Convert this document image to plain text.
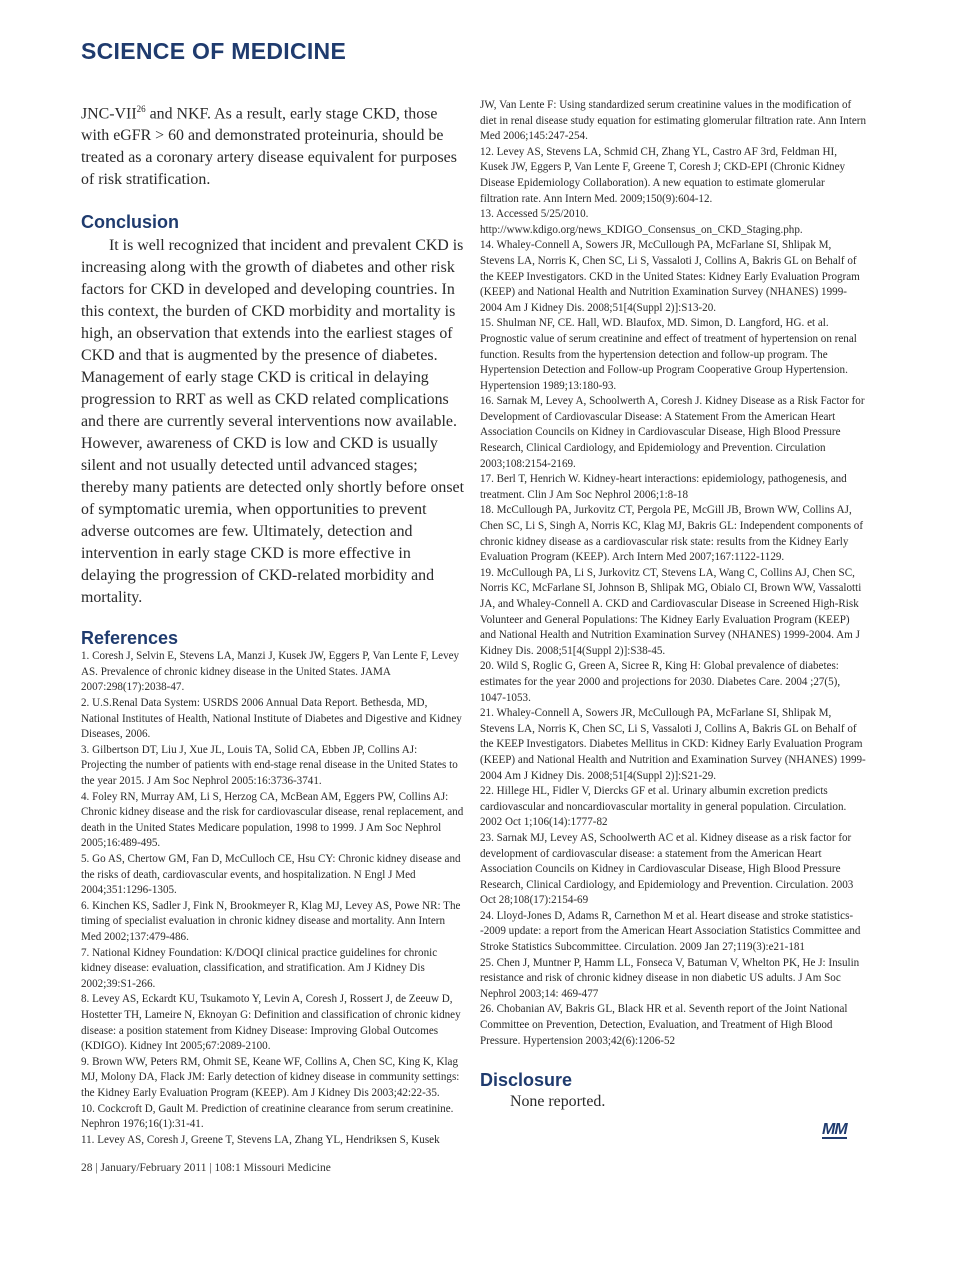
SCIENCE OF MEDICINE

JNC-VII$^{26}$ and NKF. As a result, early stage CKD, those with eGFR > 60 and demonstrated proteinuria, should be treated as a coronary artery disease equivalent for purposes of risk stratification.

Conclusion

It is well recognized that incident and prevalent CKD is increasing along with the growth of diabetes and other risk factors for CKD in developed and developing countries. In this context, the burden of CKD morbidity and mortality is high, an observation that extends into the earliest stages of CKD and that is augmented by the presence of diabetes. Management of early stage CKD is critical in delaying progression to RRT as well as CKD related complications and there are currently several interventions now available. However, awareness of CKD is low and CKD is usually silent and not usually detected until advanced stages; thereby many patients are detected only shortly before onset of symptomatic uremia, when opportunities to prevent adverse outcomes are few. Ultimately, detection and intervention in early stage CKD is more effective in delaying the progression of CKD-related morbidity and mortality.

References
1. Coresh J, Selvin E, Stevens LA, Manzi J, Kusek JW, Eggers P, Van Lente F, Levey AS. Prevalence of chronic kidney disease in the United States. JAMA 2007:298(17):2038-47.
2. U.S.Renal Data System: USRDS 2006 Annual Data Report. Bethesda, MD, National Institutes of Health, National Institute of Diabetes and Digestive and Kidney Diseases, 2006.
3. Gilbertson DT, Liu J, Xue JL, Louis TA, Solid CA, Ebben JP, Collins AJ: Projecting the number of patients with end-stage renal disease in the United States to the year 2015. J Am Soc Nephrol 2005:16:3736-3741.
4. Foley RN, Murray AM, Li S, Herzog CA, McBean AM, Eggers PW, Collins AJ: Chronic kidney disease and the risk for cardiovascular disease, renal replacement, and death in the United States Medicare population, 1998 to 1999. J Am Soc Nephrol 2005;16:489-495.
5. Go AS, Chertow GM, Fan D, McCulloch CE, Hsu CY: Chronic kidney disease and the risks of death, cardiovascular events, and hospitalization. N Engl J Med 2004;351:1296-1305.
6. Kinchen KS, Sadler J, Fink N, Brookmeyer R, Klag MJ, Levey AS, Powe NR: The timing of specialist evaluation in chronic kidney disease and mortality. Ann Intern Med 2002;137:479-486.
7. National Kidney Foundation: K/DOQI clinical practice guidelines for chronic kidney disease: evaluation, classification, and stratification. Am J Kidney Dis 2002;39:S1-266.
8. Levey AS, Eckardt KU, Tsukamoto Y, Levin A, Coresh J, Rossert J, de Zeeuw D, Hostetter TH, Lameire N, Eknoyan G: Definition and classification of chronic kidney disease: a position statement from Kidney Disease: Improving Global Outcomes (KDIGO). Kidney Int 2005;67:2089-2100.
9. Brown WW, Peters RM, Ohmit SE, Keane WF, Collins A, Chen SC, King K, Klag MJ, Molony DA, Flack JM: Early detection of kidney disease in community settings: the Kidney Early Evaluation Program (KEEP). Am J Kidney Dis 2003;42:22-35.
10. Cockcroft D, Gault M. Prediction of creatinine clearance from serum creatinine. Nephron 1976;16(1):31-41.
11. Levey AS, Coresh J, Greene T, Stevens LA, Zhang YL, Hendriksen S, Kusek
JW, Van Lente F: Using standardized serum creatinine values in the modification of diet in renal disease study equation for estimating glomerular filtration rate. Ann Intern Med 2006;145:247-254.
12. Levey AS, Stevens LA, Schmid CH, Zhang YL, Castro AF 3rd, Feldman HI, Kusek JW, Eggers P, Van Lente F, Greene T, Coresh J; CKD-EPI (Chronic Kidney Disease Epidemiology Collaboration). A new equation to estimate glomerular filtration rate. Ann Intern Med. 2009;150(9):604-12.
13. Accessed 5/25/2010. http://www.kdigo.org/news_KDIGO_Consensus_on_CKD_Staging.php.
14. Whaley-Connell A, Sowers JR, McCullough PA, McFarlane SI, Shlipak M, Stevens LA, Norris K, Chen SC, Li S, Vassaloti J, Collins A, Bakris GL on Behalf of the KEEP Investigators. CKD in the United States: Kidney Early Evaluation Program (KEEP) and National Health and Nutrition Examination Survey (NHANES) 1999-2004 Am J Kidney Dis. 2008;51[4(Suppl 2)]:S13-20.
15. Shulman NF, CE. Hall, WD. Blaufox, MD. Simon, D. Langford, HG. et al. Prognostic value of serum creatinine and effect of treatment of hypertension on renal function. Results from the hypertension detection and follow-up program. The Hypertension Detection and Follow-up Program Cooperative Group Hypertension. Hypertension 1989;13:180-93.
16. Sarnak M, Levey A, Schoolwerth A, Coresh J. Kidney Disease as a Risk Factor for Development of Cardiovascular Disease: A Statement From the American Heart Association Councils on Kidney in Cardiovascular Disease, High Blood Pressure Research, Clinical Cardiology, and Epidemiology and Prevention. Circulation 2003;108:2154-2169.
17. Berl T, Henrich W. Kidney-heart interactions: epidemiology, pathogenesis, and treatment. Clin J Am Soc Nephrol 2006;1:8-18
18. McCullough PA, Jurkovitz CT, Pergola PE, McGill JB, Brown WW, Collins AJ, Chen SC, Li S, Singh A, Norris KC, Klag MJ, Bakris GL: Independent components of chronic kidney disease as a cardiovascular risk state: results from the Kidney Early Evaluation Program (KEEP). Arch Intern Med 2007;167:1122-1129.
19. McCullough PA, Li S, Jurkovitz CT, Stevens LA, Wang C, Collins AJ, Chen SC, Norris KC, McFarlane SI, Johnson B, Shlipak MG, Obialo CI, Brown WW, Vassalotti JA, and Whaley-Connell A. CKD and Cardiovascular Disease in Screened High-Risk Volunteer and General Populations: The Kidney Early Evaluation Program (KEEP) and National Health and Nutrition Examination Survey (NHANES) 1999-2004. Am J Kidney Dis. 2008;51[4(Suppl 2)]:S38-45.
20. Wild S, Roglic G, Green A, Sicree R, King H: Global prevalence of diabetes: estimates for the year 2000 and projections for 2030. Diabetes Care. 2004 ;27(5), 1047-1053.
21. Whaley-Connell A, Sowers JR, McCullough PA, McFarlane SI, Shlipak M, Stevens LA, Norris K, Chen SC, Li S, Vassaloti J, Collins A, Bakris GL on Behalf of the KEEP Investigators. Diabetes Mellitus in CKD: Kidney Early Evaluation Program (KEEP) and National Health and Nutrition and Examination Survey (NHANES) 1999-2004 Am J Kidney Dis. 2008;51[4(Suppl 2)]:S21-29.
22. Hillege HL, Fidler V, Diercks GF et al. Urinary albumin excretion predicts cardiovascular and noncardiovascular mortality in general population. Circulation. 2002 Oct 1;106(14):1777-82
23. Sarnak MJ, Levey AS, Schoolwerth AC et al. Kidney disease as a risk factor for development of cardiovascular disease: a statement from the American Heart Association Councils on Kidney in Cardiovascular Disease, High Blood Pressure Research, Clinical Cardiology, and Epidemiology and Prevention. Circulation. 2003 Oct 28;108(17):2154-69
24. Lloyd-Jones D, Adams R, Carnethon M et al. Heart disease and stroke statistics--2009 update: a report from the American Heart Association Statistics Committee and Stroke Statistics Subcommittee. Circulation. 2009 Jan 27;119(3):e21-181
25. Chen J, Muntner P, Hamm LL, Fonseca V, Batuman V, Whelton PK, He J: Insulin resistance and risk of chronic kidney disease in non diabetic US adults. J Am Soc Nephrol 2003;14: 469-477
26. Chobanian AV, Bakris GL, Black HR et al. Seventh report of the Joint National Committee on Prevention, Detection, Evaluation, and Treatment of High Blood Pressure. Hypertension 2003;42(6):1206-52
Disclosure

None reported.

MM
28 | January/February 2011 | 108:1 Missouri Medicine
